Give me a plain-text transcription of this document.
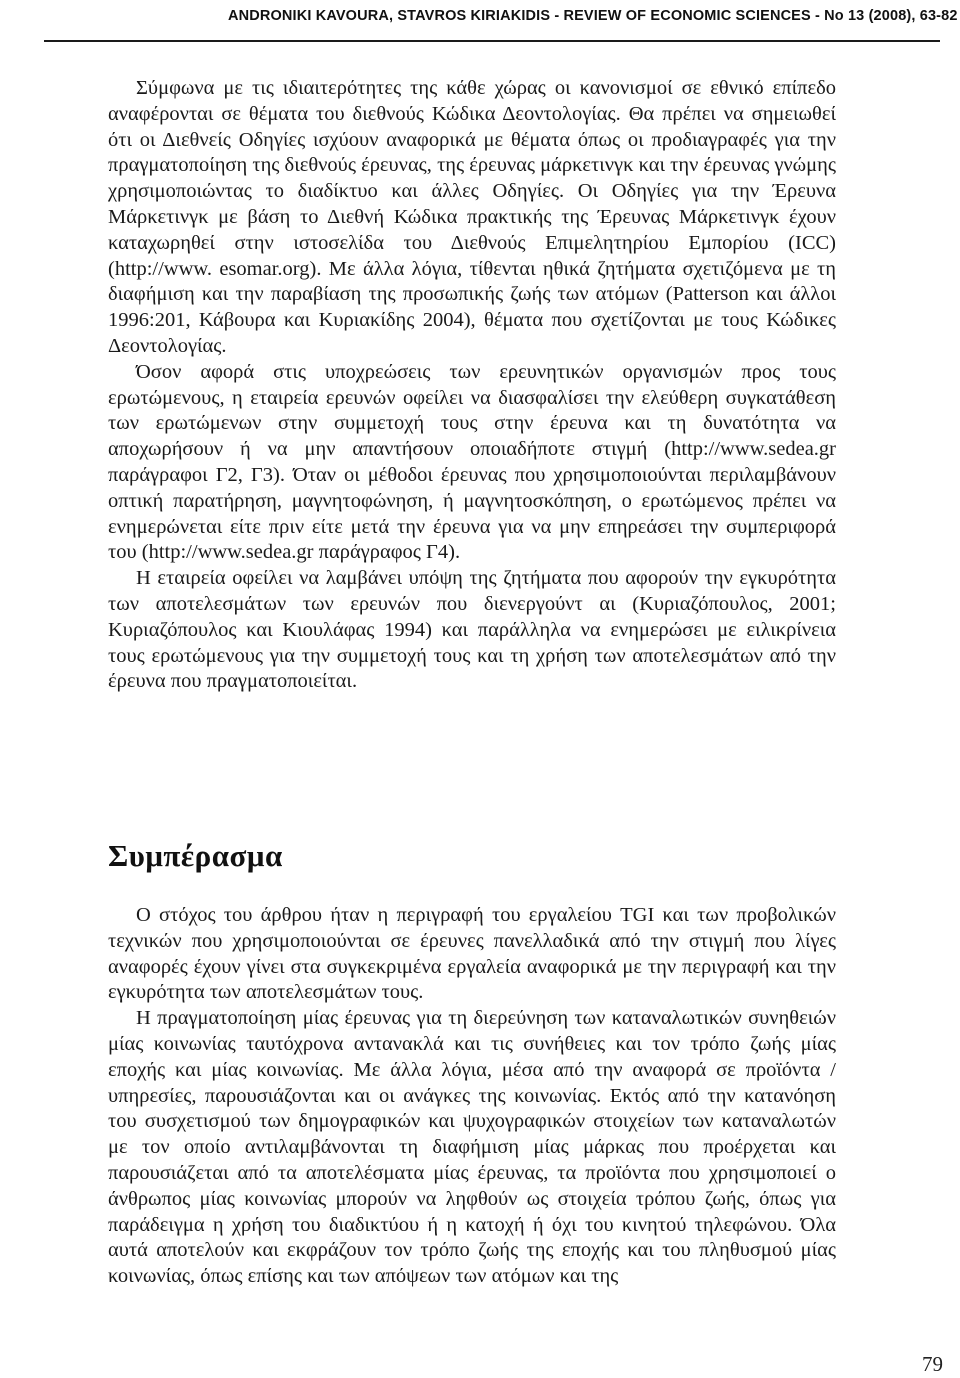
ANDRONIKI KAVOURA, STAVROS KIRIAKIDIS - REVIEW OF ECONOMIC SCIENCES - No 13 (2008), 63-82

Σύμφωνα με τις ιδιαιτερότητες της κάθε χώρας οι κανονισμοί σε εθνικό επίπεδο αναφέρονται σε θέματα του διεθνούς Κώδικα Δεοντολογίας. Θα πρέπει να σημειωθεί ότι οι Διεθνείς Οδηγίες ισχύουν αναφορικά με θέματα όπως οι προδιαγραφές για την πραγματοποίηση της διεθνούς έρευνας, της έρευνας μάρκετινγκ και την έρευνας γνώμης χρησιμοποιώντας το διαδίκτυο και άλλες Οδηγίες. Οι Οδηγίες για την Έρευνα Μάρκετινγκ με βάση το Διεθνή Κώδικα πρακτικής της Έρευνας Μάρκετινγκ έχουν καταχωρηθεί στην ιστοσελίδα του Διεθνούς Επιμελητηρίου Εμπορίου (ICC) (http://www. esomar.org). Με άλλα λόγια, τίθενται ηθικά ζητήματα σχετιζόμενα με τη διαφήμιση και την παραβίαση της προσωπικής ζωής των ατόμων (Patterson και άλλοι 1996:201, Κάβουρα και Κυριακίδης 2004), θέματα που σχετίζονται με τους Κώδικες Δεοντολογίας.

Όσον αφορά στις υποχρεώσεις των ερευνητικών οργανισμών προς τους ερωτώμενους, η εταιρεία ερευνών οφείλει να διασφαλίσει την ελεύθερη συγκατάθεση των ερωτώμενων στην συμμετοχή τους στην έρευνα και τη δυνατότητα να αποχωρήσουν ή να μην απαντήσουν οποιαδήποτε στιγμή (http://www.sedea.gr παράγραφοι Γ2, Γ3). Όταν οι μέθοδοι έρευνας που χρησιμοποιούνται περιλαμβάνουν οπτική παρατήρηση, μαγνητοφώνηση, ή μαγνητοσκόπηση, ο ερωτώμενος πρέπει να ενημερώνεται είτε πριν είτε μετά την έρευνα για να μην επηρεάσει την συμπεριφορά του (http://www.sedea.gr παράγραφος Γ4).

Η εταιρεία οφείλει να λαμβάνει υπόψη της ζητήματα που αφορούν την εγκυρότητα των αποτελεσμάτων των ερευνών που διενεργούντ αι (Κυριαζόπουλος, 2001; Κυριαζόπουλος και Κιουλάφας 1994) και παράλληλα να ενημερώσει με ειλικρίνεια τους ερωτώμενους για την συμμετοχή τους και τη χρήση των αποτελεσμάτων από την έρευνα που πραγματοποιείται.

Συμπέρασμα

Ο στόχος του άρθρου ήταν η περιγραφή του εργαλείου TGI και των προβολικών τεχνικών που χρησιμοποιούνται σε έρευνες πανελλαδικά από την στιγμή που λίγες αναφορές έχουν γίνει στα συγκεκριμένα εργαλεία αναφορικά με την περιγραφή και την εγκυρότητα των αποτελεσμάτων τους.

Η πραγματοποίηση μίας έρευνας για τη διερεύνηση των καταναλωτικών συνηθειών μίας κοινωνίας ταυτόχρονα αντανακλά και τις συνήθειες και τον τρόπο ζωής μίας εποχής και μίας κοινωνίας. Με άλλα λόγια, μέσα από την αναφορά σε προϊόντα / υπηρεσίες, παρουσιάζονται και οι ανάγκες της κοινωνίας. Εκτός από την κατανόηση του συσχετισμού των δημογραφικών και ψυχογραφικών στοιχείων των καταναλωτών με τον οποίο αντιλαμβάνονται τη διαφήμιση μίας μάρκας που προέρχεται και παρουσιάζεται από τα αποτελέσματα μίας έρευνας, τα προϊόντα που χρησιμοποιεί ο άνθρωπος μίας κοινωνίας μπορούν να ληφθούν ως στοιχεία τρόπου ζωής, όπως για παράδειγμα η χρήση του διαδικτύου ή η κατοχή ή όχι του κινητού τηλεφώνου. Όλα αυτά αποτελούν και εκφράζουν τον τρόπο ζωής της εποχής και του πληθυσμού μίας κοινωνίας, όπως επίσης και των απόψεων των ατόμων και της

79
